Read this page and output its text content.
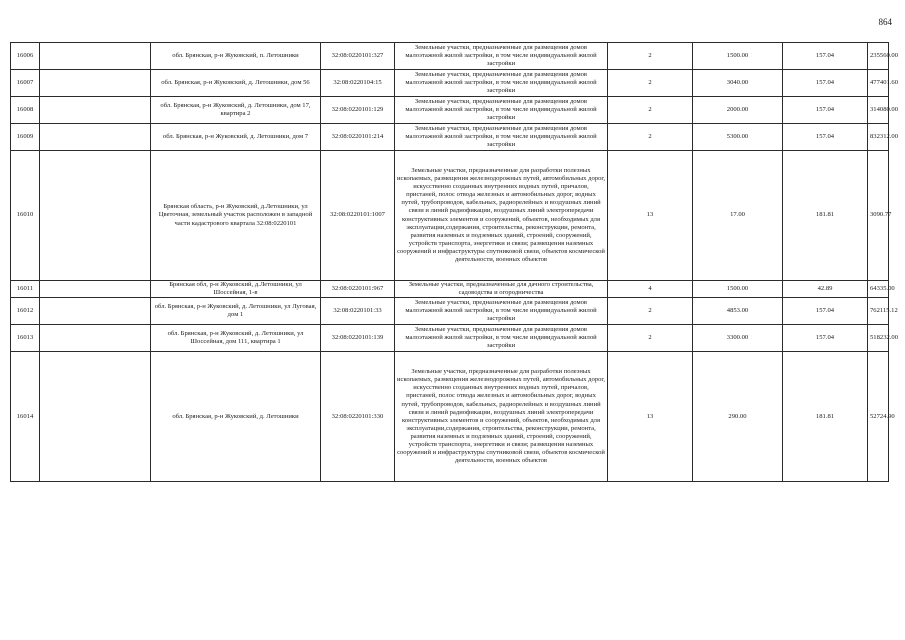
864
16006		обл. Брянская, р-н Жуковский, п. Летошники	32:08:0220101:327	Земельные участки, предназначенные для размещения домов малоэтажной жилой застройки, в том числе индивидуальной жилой застройки	2	1500.00	157.04	235560.00
16007		обл. Брянская, р-н Жуковский, д. Летошники, дом 56	32:08:0220104:15	Земельные участки, предназначенные для размещения домов малоэтажной жилой застройки, в том числе индивидуальной жилой застройки	2	3040.00	157.04	477401.60
16008		обл. Брянская, р-н Жуковский, д. Летошники, дом 17, квартира 2	32:08:0220101:129	Земельные участки, предназначенные для размещения домов малоэтажной жилой застройки, в том числе индивидуальной жилой застройки	2	2000.00	157.04	314080.00
16009		обл. Брянская, р-н Жуковский, д. Летошники, дом 7	32:08:0220101:214	Земельные участки, предназначенные для размещения домов малоэтажной жилой застройки, в том числе индивидуальной жилой застройки	2	5300.00	157.04	832312.00
16010		Брянская область, р-н Жуковский, д.Летошники, ул Цветочная, земельный участок расположен в западной части кадастрового квартала 32:08:0220101	32:08:0220101:1007	Земельные участки, предназначенные для разработки полезных ископаемых, размещения железнодорожных путей, автомобильных дорог, искусственно созданных внутренних водных путей, причалов, пристаней, полос отвода железных и автомобильных дорог, водных путей, трубопроводов, кабельных, радиорелейных и воздушных линий связи и линий радиофикации, воздушных линий электропередачи конструктивных элементов и сооружений, объектов, необходимых для эксплуатации,содержания, строительства, реконструкции, ремонта, развития наземных и подземных зданий, строений, сооружений, устройств транспорта, энергетики и связи; размещения наземных сооружений и инфраструктуры спутниковой связи, объектов космической деятельности, военных объектов	13	17.00	181.81	3090.77
16011		Брянская обл, р-н Жуковский, д.Летошники, ул Шоссейная, 1-в	32:08:0220101:967	Земельные участки, предназначенные для дачного строительства, садоводства и огородничества	4	1500.00	42.89	64335.00
16012		обл. Брянская, р-н Жуковский, д. Летошники, ул Луговая, дом 1	32:08:0220101:33	Земельные участки, предназначенные для размещения домов малоэтажной жилой застройки, в том числе индивидуальной жилой застройки	2	4853.00	157.04	762115.12
16013		обл. Брянская, р-н Жуковский, д. Летошники, ул Шоссейная, дом 111, квартира 1	32:08:0220101:139	Земельные участки, предназначенные для размещения домов малоэтажной жилой застройки, в том числе индивидуальной жилой застройки	2	3300.00	157.04	518232.00
16014		обл. Брянская, р-н Жуковский, д. Летошники	32:08:0220101:330	Земельные участки, предназначенные для разработки полезных ископаемых, размещения железнодорожных путей, автомобильных дорог, искусственно созданных внутренних водных путей, причалов, пристаней, полос отвода железных и автомобильных дорог, водных путей, трубопроводов, кабельных, радиорелейных и воздушных линий связи и линий радиофикации, воздушных линий электропередачи конструктивных элементов и сооружений, объектов, необходимых для эксплуатации,содержания, строительства, реконструкции, ремонта, развития наземных и подземных зданий, строений, сооружений, устройств транспорта, энергетики и связи; размещения наземных сооружений и инфраструктуры спутниковой связи, объектов космической деятельности, военных объектов	13	290.00	181.81	52724.90
